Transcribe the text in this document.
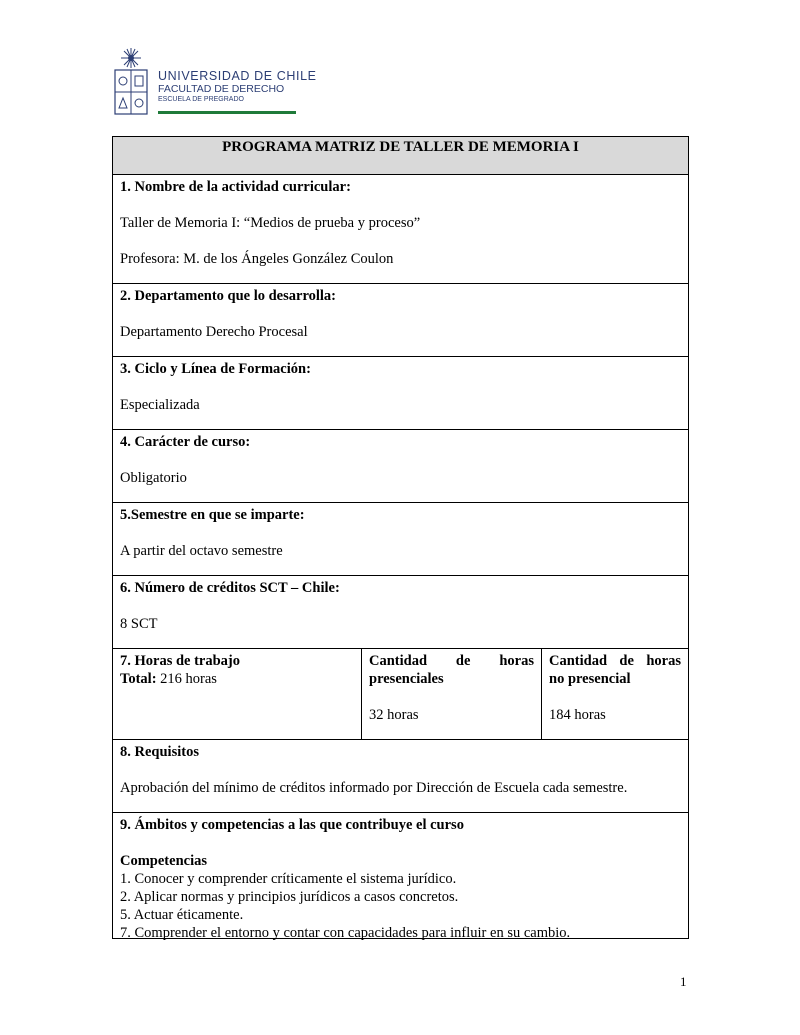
UNIVERSIDAD DE CHILE
FACULTAD DE DERECHO
ESCUELA DE PREGRADO
PROGRAMA MATRIZ DE TALLER DE MEMORIA I

1. Nombre de la actividad curricular:

Taller de Memoria I: “Medios de prueba y proceso”

Profesora: M. de los Ángeles González Coulon

2. Departamento que lo desarrolla:

Departamento Derecho Procesal

3. Ciclo y Línea de Formación:

Especializada

4. Carácter de curso:

Obligatorio

5.Semestre en que se imparte:

A partir del octavo semestre

6. Número de créditos SCT – Chile:

8 SCT

7. Horas de trabajo

Total: 216 horas

Cantidad de horas presenciales

32 horas

Cantidad de horas no presencial

184 horas

8. Requisitos

Aprobación del mínimo de créditos informado por Dirección de Escuela cada semestre.

9. Ámbitos y competencias a las que contribuye el curso

Competencias

1. Conocer y comprender críticamente el sistema jurídico.

2. Aplicar normas y principios jurídicos a casos concretos.

5. Actuar éticamente.

7. Comprender el entorno y contar con capacidades para influir en su cambio.

1
